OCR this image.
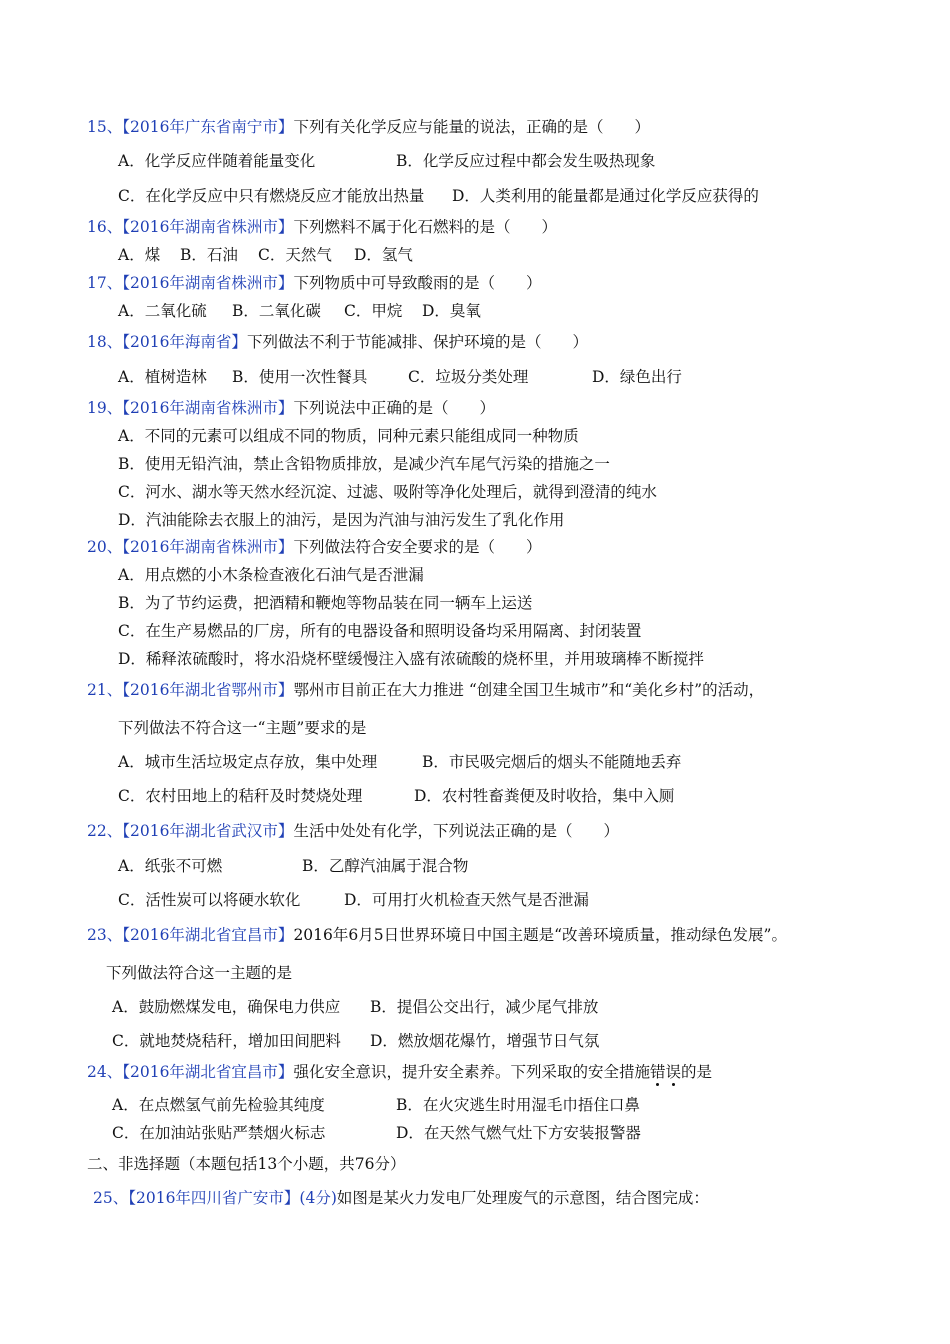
15、【2016年广东省南宁市】下列有关化学反应与能量的说法，正确的是（　　）
A．化学反应伴随着能量变化	B．化学反应过程中都会发生吸热现象
C．在化学反应中只有燃烧反应才能放出热量 D．人类利用的能量都是通过化学反应获得的
16、【2016年湖南省株洲市】下列燃料不属于化石燃料的是（　　）
A．煤 B．石油 C．天然气 D．氢气
17、【2016年湖南省株洲市】下列物质中可导致酸雨的是（　　）
A．二氧化硫 B．二氧化碳 C．甲烷 D．臭氧
18、【2016年海南省】下列做法不利于节能减排、保护环境的是（　　）
A．植树造林 B．使用一次性餐具	C．垃圾分类处理	D．绿色出行
19、【2016年湖南省株洲市】下列说法中正确的是（　　）
A．不同的元素可以组成不同的物质，同种元素只能组成同一种物质
B．使用无铅汽油，禁止含铅物质排放，是减少汽车尾气污染的措施之一
C．河水、湖水等天然水经沉淀、过滤、吸附等净化处理后，就得到澄清的纯水
D．汽油能除去衣服上的油污，是因为汽油与油污发生了乳化作用
20、【2016年湖南省株洲市】下列做法符合安全要求的是（　　）
A．用点燃的小木条检查液化石油气是否泄漏
B．为了节约运费，把酒精和鞭炮等物品装在同一辆车上运送
C．在生产易燃品的厂房，所有的电器设备和照明设备均采用隔离、封闭装置
D．稀释浓硫酸时，将水沿烧杯壁缓慢注入盛有浓硫酸的烧杯里，并用玻璃棒不断搅拌
21、【2016年湖北省鄂州市】鄂州市目前正在大力推进 “创建全国卫生城市”和“美化乡村”的活动，
下列做法不符合这一“主题”要求的是
A．城市生活垃圾定点存放，集中处理	B．市民吸完烟后的烟头不能随地丢弃
C．农村田地上的秸秆及时焚烧处理	D．农村牲畜粪便及时收拾，集中入厕
22、【2016年湖北省武汉市】生活中处处有化学，下列说法正确的是（　　）
A．纸张不可燃	B．乙醇汽油属于混合物
C．活性炭可以将硬水软化	D．可用打火机检查天然气是否泄漏
23、【2016年湖北省宜昌市】2016年6月5日世界环境日中国主题是“改善环境质量，推动绿色发展”。
下列做法符合这一主题的是
A．鼓励燃煤发电，确保电力供应 B．提倡公交出行，减少尾气排放
C．就地焚烧秸秆，增加田间肥料 D．燃放烟花爆竹，增强节日气氛
24、【2016年湖北省宜昌市】强化安全意识，提升安全素养。下列采取的安全措施错误的是
A．在点燃氢气前先检验其纯度	B．在火灾逃生时用湿毛巾捂住口鼻
C．在加油站张贴严禁烟火标志	D．在天然气燃气灶下方安装报警器
二、非选择题（本题包括13个小题，共76分）
25、【2016年四川省广安市】(4分)如图是某火力发电厂处理废气的示意图，结合图完成：
